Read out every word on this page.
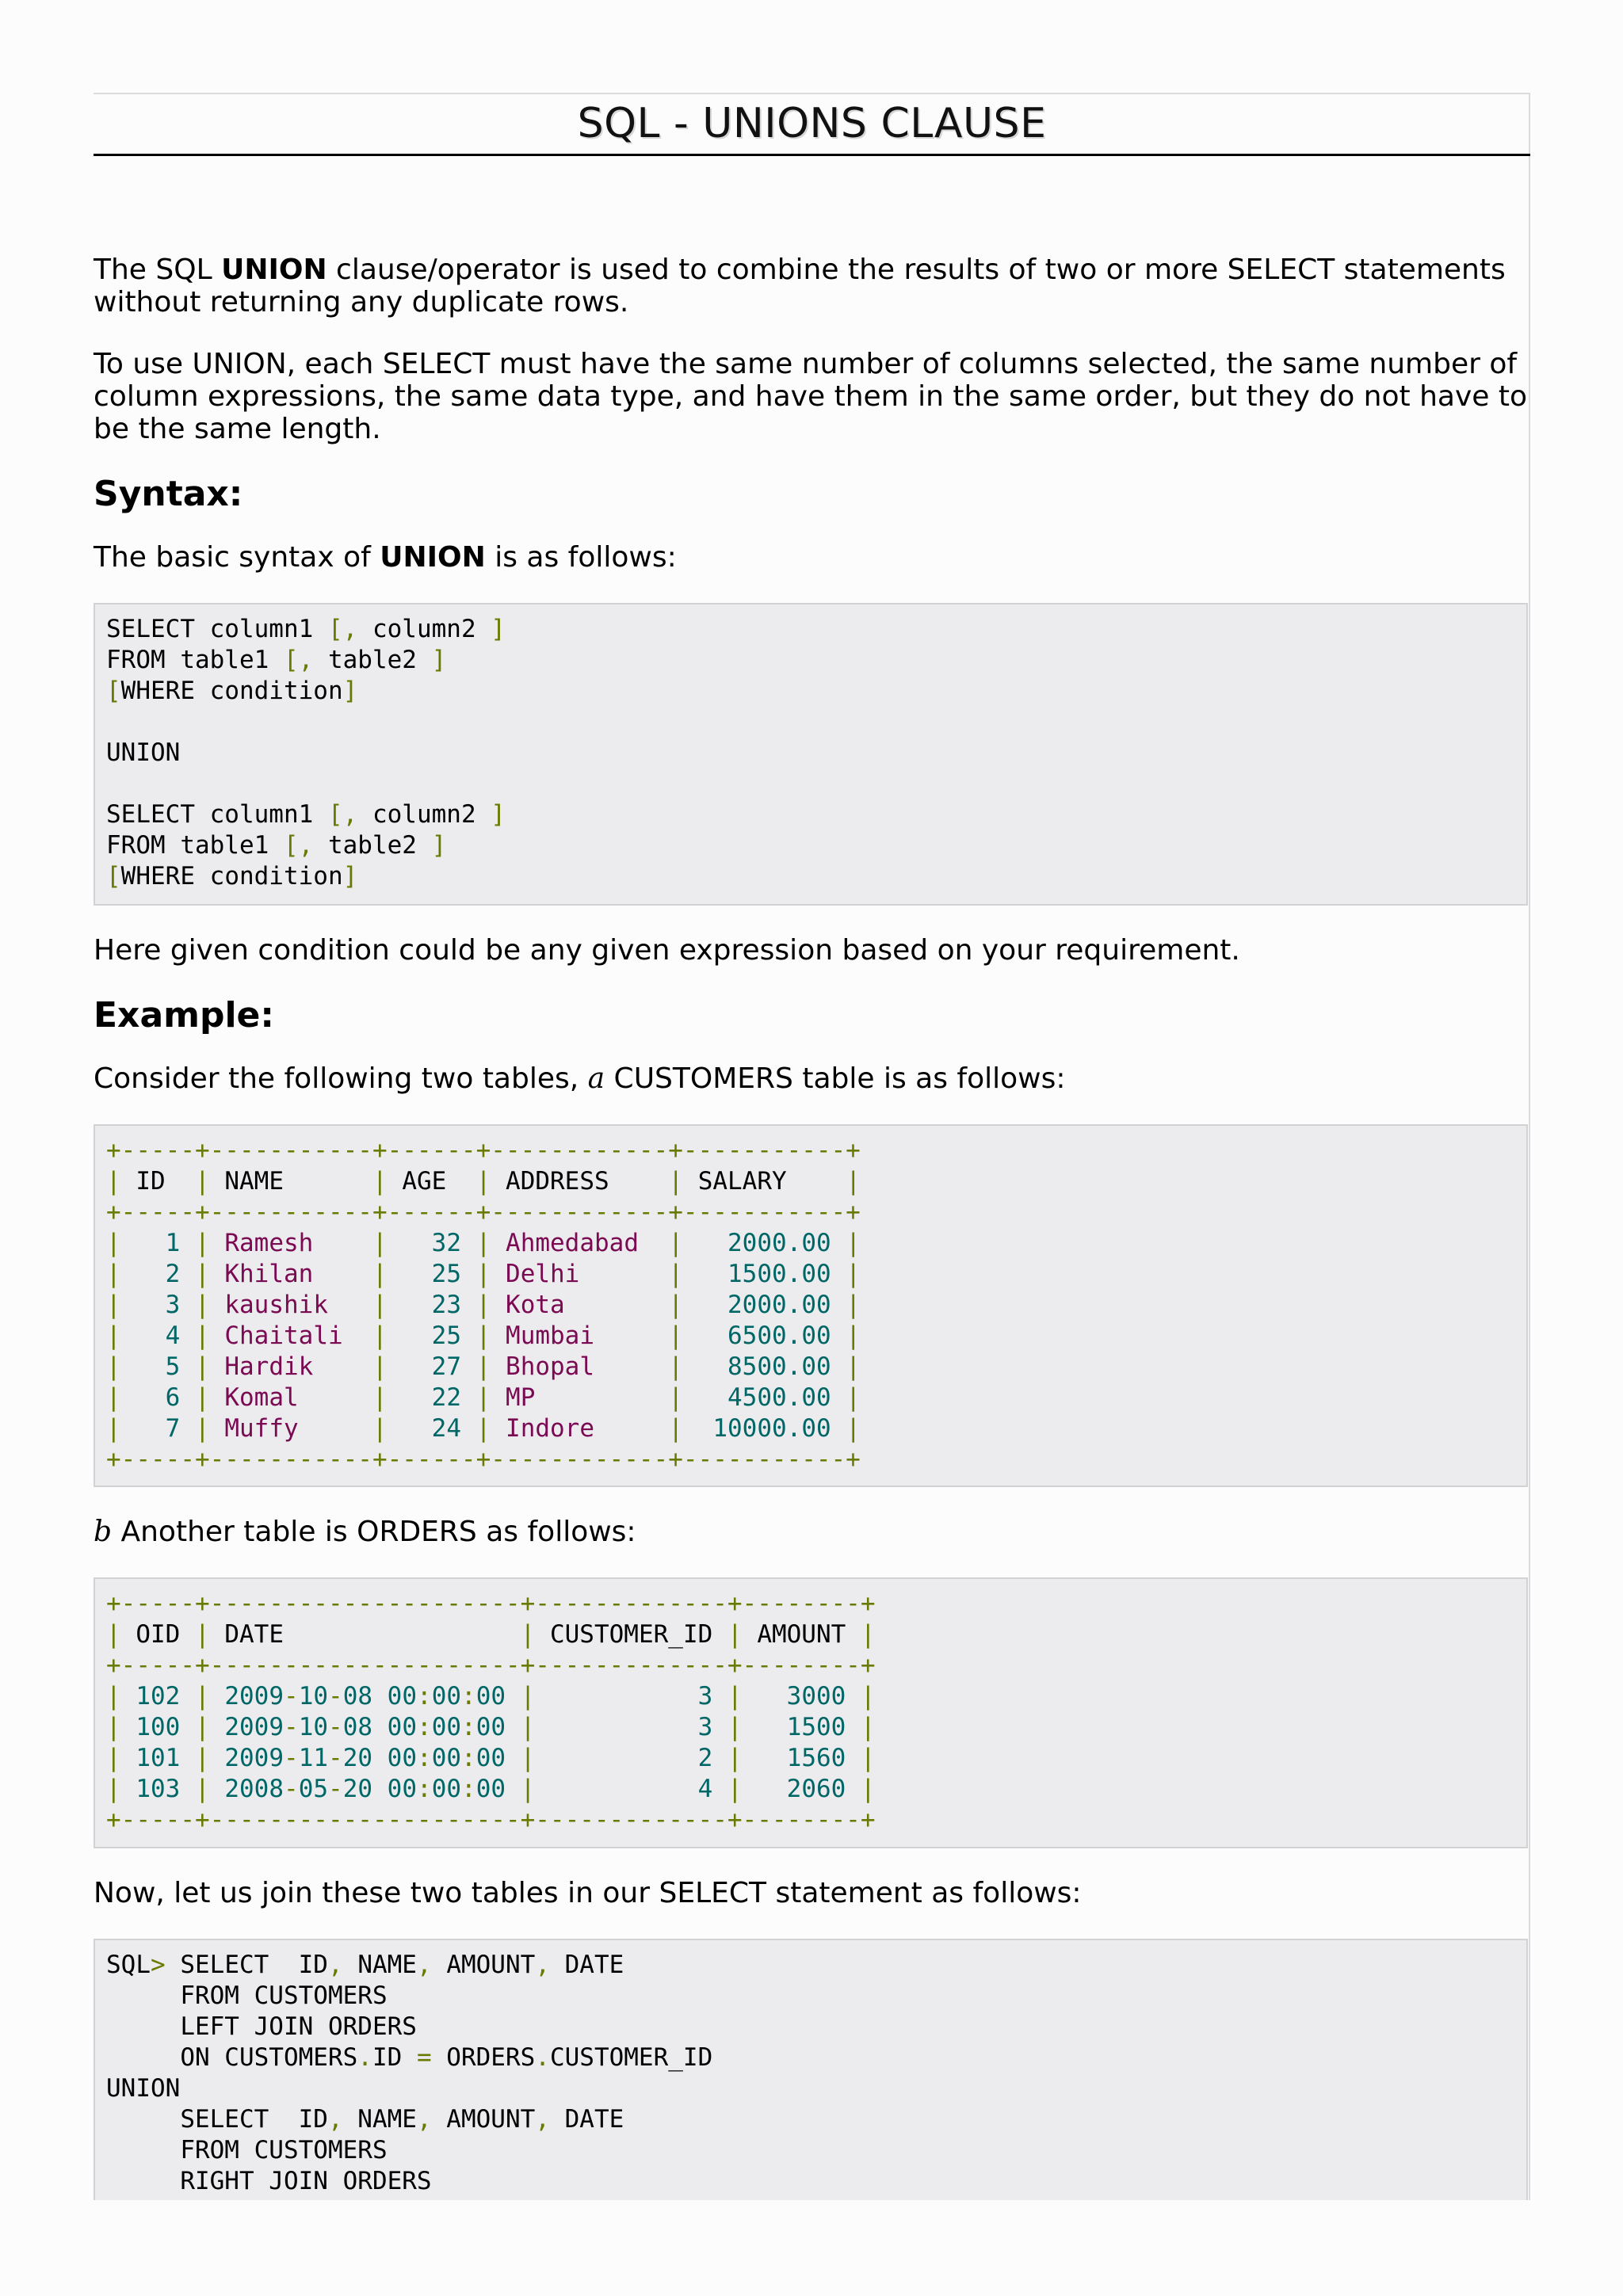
SQL - UNIONS CLAUSE

The SQL UNION clause/operator is used to combine the results of two or more SELECT statements without returning any duplicate rows.

To use UNION, each SELECT must have the same number of columns selected, the same number of column expressions, the same data type, and have them in the same order, but they do not have to be the same length.

Syntax:

The basic syntax of UNION is as follows:

SELECT column1 [, column2 ]
FROM table1 [, table2 ]
[WHERE condition]

UNION

SELECT column1 [, column2 ]
FROM table1 [, table2 ]
[WHERE condition]

Here given condition could be any given expression based on your requirement.

Example:

Consider the following two tables, a CUSTOMERS table is as follows:

+-----+-----------+------+------------+-----------+
| ID  | NAME      | AGE  | ADDRESS    | SALARY    |
+-----+-----------+------+------------+-----------+
|   1 | Ramesh    |   32 | Ahmedabad  |   2000.00 |
|   2 | Khilan    |   25 | Delhi      |   1500.00 |
|   3 | kaushik   |   23 | Kota       |   2000.00 |
|   4 | Chaitali  |   25 | Mumbai     |   6500.00 |
|   5 | Hardik    |   27 | Bhopal     |   8500.00 |
|   6 | Komal     |   22 | MP         |   4500.00 |
|   7 | Muffy     |   24 | Indore     |  10000.00 |
+-----+-----------+------+------------+-----------+

b Another table is ORDERS as follows:

+-----+---------------------+-------------+--------+
| OID | DATE                | CUSTOMER_ID | AMOUNT |
+-----+---------------------+-------------+--------+
| 102 | 2009-10-08 00:00:00 |           3 |   3000 |
| 100 | 2009-10-08 00:00:00 |           3 |   1500 |
| 101 | 2009-11-20 00:00:00 |           2 |   1560 |
| 103 | 2008-05-20 00:00:00 |           4 |   2060 |
+-----+---------------------+-------------+--------+

Now, let us join these two tables in our SELECT statement as follows:

SQL> SELECT  ID, NAME, AMOUNT, DATE
FROM CUSTOMERS
LEFT JOIN ORDERS
ON CUSTOMERS.ID = ORDERS.CUSTOMER_ID
UNION
SELECT  ID, NAME, AMOUNT, DATE
FROM CUSTOMERS
RIGHT JOIN ORDERS
